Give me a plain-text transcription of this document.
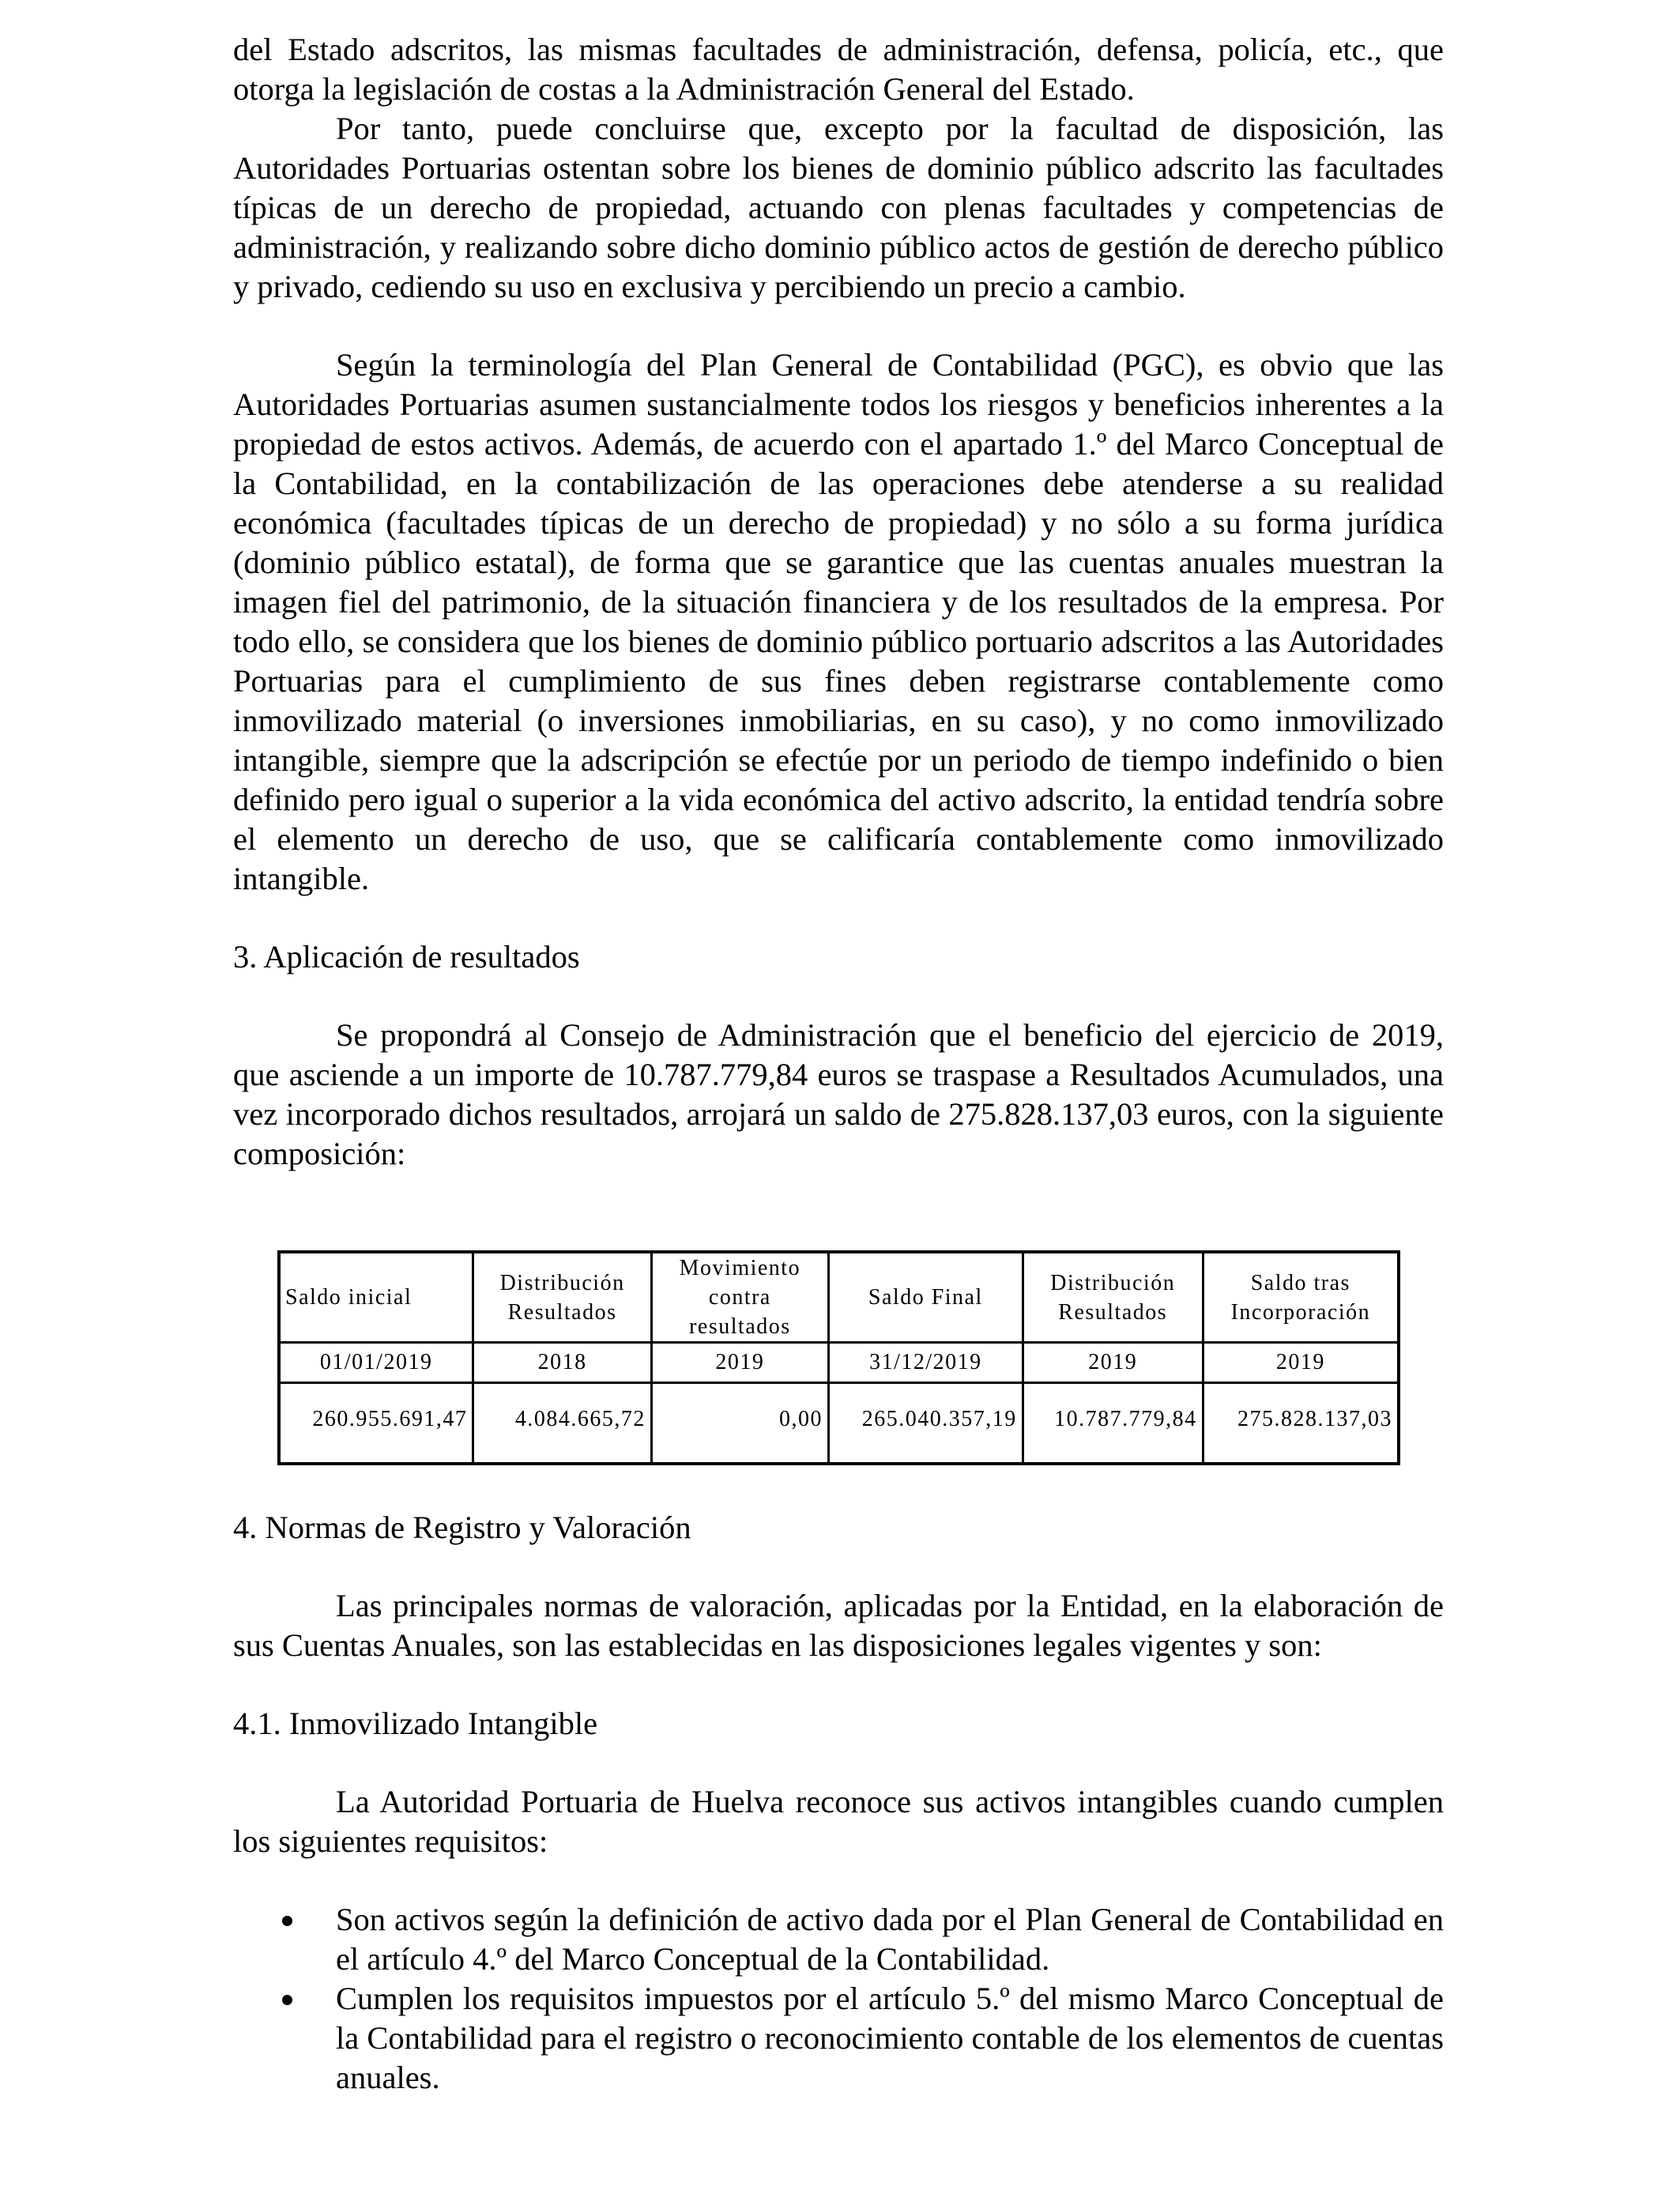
del Estado adscritos, las mismas facultades de administración, defensa, policía, etc., que otorga la legislación de costas a la Administración General del Estado.

Por tanto, puede concluirse que, excepto por la facultad de disposición, las Autoridades Portuarias ostentan sobre los bienes de dominio público adscrito las facultades típicas de un derecho de propiedad, actuando con plenas facultades y competencias de administración, y realizando sobre dicho dominio público actos de gestión de derecho público y privado, cediendo su uso en exclusiva y percibiendo un precio a cambio.

Según la terminología del Plan General de Contabilidad (PGC), es obvio que las Autoridades Portuarias asumen sustancialmente todos los riesgos y beneficios inherentes a la propiedad de estos activos. Además, de acuerdo con el apartado 1.º del Marco Conceptual de la Contabilidad, en la contabilización de las operaciones debe atenderse a su realidad económica (facultades típicas de un derecho de propiedad) y no sólo a su forma jurídica (dominio público estatal), de forma que se garantice que las cuentas anuales muestran la imagen fiel del patrimonio, de la situación financiera y de los resultados de la empresa. Por todo ello, se considera que los bienes de dominio público portuario adscritos a las Autoridades Portuarias para el cumplimiento de sus fines deben registrarse contablemente como inmovilizado material (o inversiones inmobiliarias, en su caso), y no como inmovilizado intangible, siempre que la adscripción se efectúe por un periodo de tiempo indefinido o bien definido pero igual o superior a la vida económica del activo adscrito, la entidad tendría sobre el elemento un derecho de uso, que se calificaría contablemente como inmovilizado intangible.

3. Aplicación de resultados

Se propondrá al Consejo de Administración que el beneficio del ejercicio de 2019, que asciende a un importe de 10.787.779,84 euros se traspase a Resultados Acumulados, una vez incorporado dichos resultados, arrojará un saldo de 275.828.137,03 euros, con la siguiente composición:

Saldo inicial	Distribución Resultados	Movimiento contra resultados	Saldo Final	Distribución Resultados	Saldo tras Incorporación
01/01/2019	2018	2019	31/12/2019	2019	2019
260.955.691,47	4.084.665,72	0,00	265.040.357,19	10.787.779,84	275.828.137,03

4. Normas de Registro y Valoración

Las principales normas de valoración, aplicadas por la Entidad, en la elaboración de sus Cuentas Anuales, son las establecidas en las disposiciones legales vigentes y son:

4.1. Inmovilizado Intangible

La Autoridad Portuaria de Huelva reconoce sus activos intangibles cuando cumplen los siguientes requisitos:

Son activos según la definición de activo dada por el Plan General de Contabilidad en el artículo 4.º del Marco Conceptual de la Contabilidad.
Cumplen los requisitos impuestos por el artículo 5.º del mismo Marco Conceptual de la Contabilidad para el registro o reconocimiento contable de los elementos de cuentas anuales.
